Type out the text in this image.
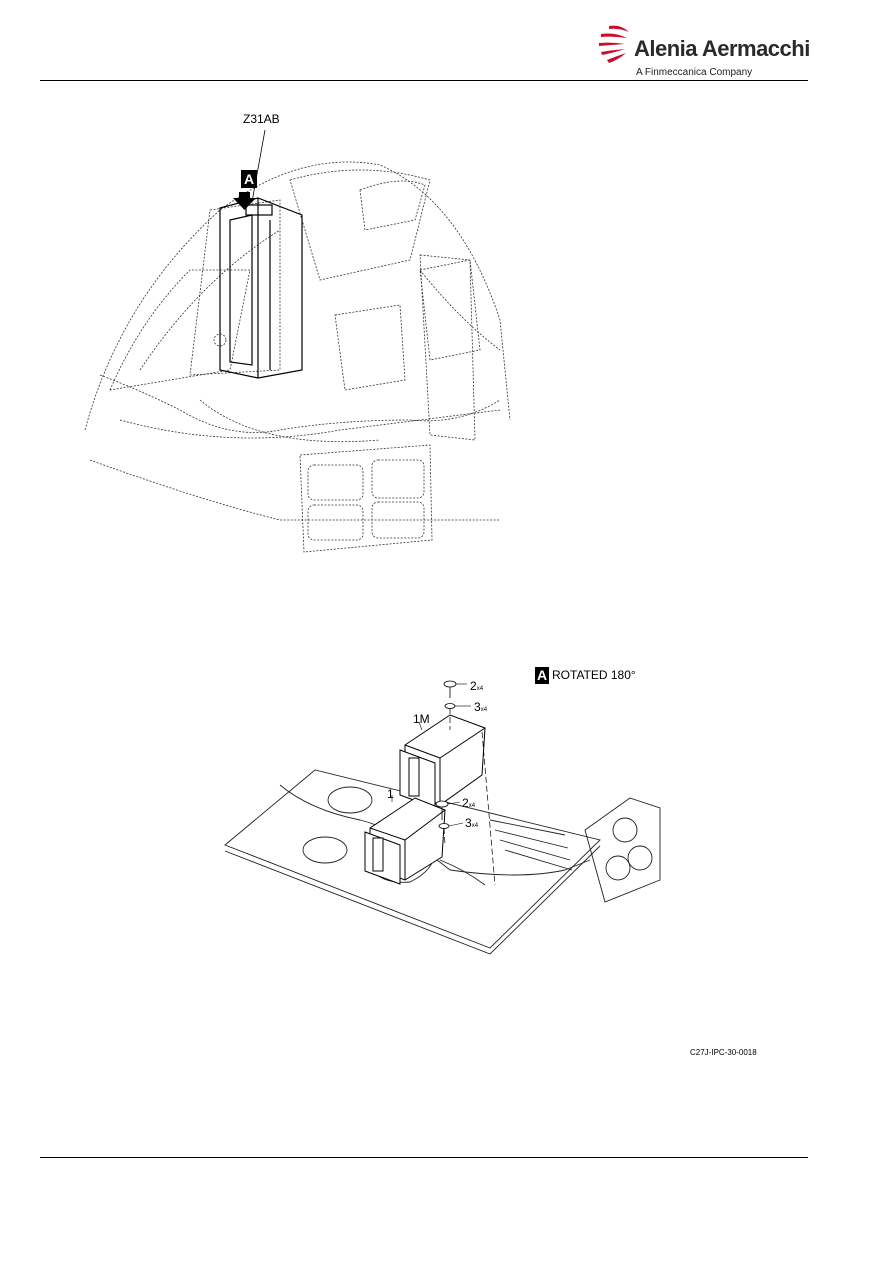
Alenia Aermacchi
A Finmeccanica Company
Z31AB
A
A ROTATED 180°
2x4
3x4
1M
1
2x4
3x4
C27J-IPC-30-0018
